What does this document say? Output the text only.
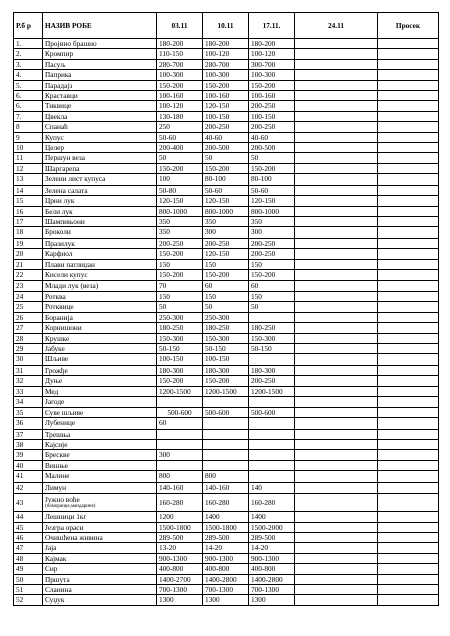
Р.б р	НАЗИВ РОБЕ	03.11	10.11	17.11.	24.11	Просек
1.	Пројино брашно	180-200	180-200	180-200		
2.	Кромпир	110-150	100-120	100-120		
3.	Пасуљ	280-700	280-700	300-700		
4.	Паприка	100-300	100-300	100-300		
5.	Парадајз	150-200	150-200	150-200		
6.	Краставци	100-160	100-160	100-160		
6.	Тиквице	100-120	120-150	200-250		
7.	Цвекла	130-180	100-150	100-150		
8	Спанаћ	250	200-250	200-250		
9	Купус	50-60	40-60	40-60		
10	Целер	200-400	200-500	200-500		
11	Першун веза	50	50	50		
12	Шаргарепа	150-200	150-200	150-200		
13	Зелени лист купуса	100	80-100	80-100		
14	Зелена салата	50-80	50-60	50-60		
15	Црни лук	120-150	120-150	120-150		
16	Бели лук	800-1000	800-1000	800-1000		
17	Шампињони	350	350	350		
18	Броколи	350	300	300		
19	Празилук	200-250	200-250	200-250		
20	Карфиол	150-200	120-150	200-250		
21	Плави патлиџан	150	150	150		
22	Кисели купус	150-200	150-200	150-200		
23	Млади лук (веза)	70	60	60		
24	Ротква	150	150	150		
25	Ротквице	50	50	50		
26	Боранија	250-300	250-300			
27	Корнишони	180-250	180-250	180-250		
28	Крушке	150-300	150-300	150-300		
29	Јабуке	50-150	50-150	50-150		
30	Шљиве	100-150	100-150			
31	Грожђе	180-300	180-300	180-300		
32	Дуње	150-200	150-200	200-250		
33	Мед	1200-1500	1200-1500	1200-1500		
34	Јагоде					
35	Суве шљиве	500-600	500-600	500-600		
36	Лубенице	60				
37	Трешња					
38	Кајсије					
39	Бресквe	300				
40	Вишње					
41	Малине	800	800			
42	Лимун	140-160	140-160	140		
43	Јужно воће
(поморанџе,мандарине)	160-280	160-280	160-280		
44	Лешници 1кг	1200	1400	1400		
45	Језгра ораси	1500-1800	1500-1800	1500-2000		
46	Очишћена живина	289-500	289-500	289-500		
47	Јаја	13-20	14-20	14-20		
48	Кајмак	900-1300	900-1300	900-1300		
49	Сир	400-800	400-800	400-800		
50	Пршута	1400-2700	1400-2800	1400-2800		
51	Сланина	700-1300	700-1300	700-1300		
52	Суџук	1300	1300	1300		
